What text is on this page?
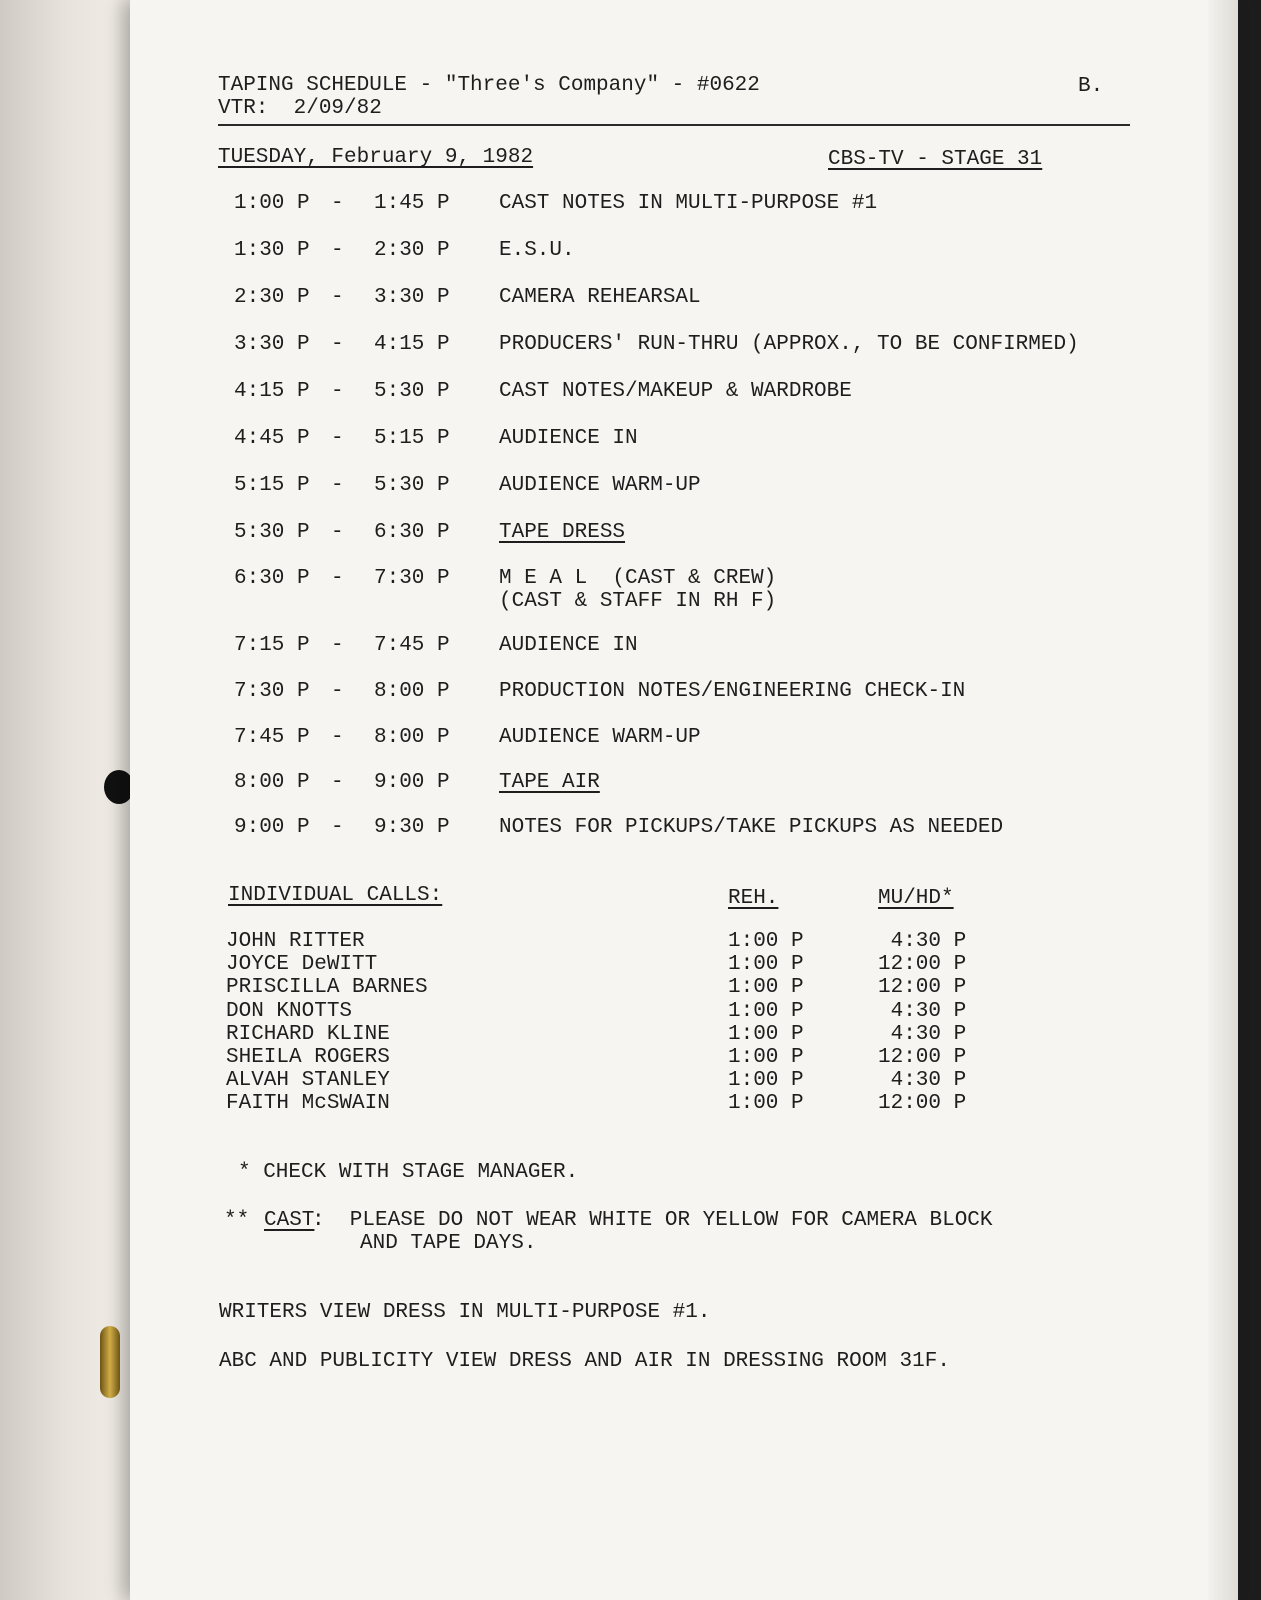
TAPING SCHEDULE - "Three's Company" - #0622
VTR:  2/09/82
B.
TUESDAY, February 9, 1982	CBS-TV - STAGE 31
1:00 P - 1:45 P CAST NOTES IN MULTI-PURPOSE #1
1:30 P - 2:30 P E.S.U.
2:30 P - 3:30 P CAMERA REHEARSAL
3:30 P - 4:15 P PRODUCERS' RUN-THRU (APPROX., TO BE CONFIRMED)
4:15 P - 5:30 P CAST NOTES/MAKEUP & WARDROBE
4:45 P - 5:15 P AUDIENCE IN
5:15 P - 5:30 P AUDIENCE WARM-UP
5:30 P - 6:30 P TAPE DRESS
6:30 P - 7:30 P M E A L  (CAST & CREW)
(CAST & STAFF IN RH F)
7:15 P - 7:45 P AUDIENCE IN
7:30 P - 8:00 P PRODUCTION NOTES/ENGINEERING CHECK-IN
7:45 P - 8:00 P AUDIENCE WARM-UP
8:00 P - 9:00 P TAPE AIR
9:00 P - 9:30 P NOTES FOR PICKUPS/TAKE PICKUPS AS NEEDED
INDIVIDUAL CALLS:	REH.	MU/HD*
JOHN RITTER	1:00 P	4:30 P
JOYCE DeWITT	1:00 P	12:00 P
PRISCILLA BARNES	1:00 P	12:00 P
DON KNOTTS	1:00 P	4:30 P
RICHARD KLINE	1:00 P	4:30 P
SHEILA ROGERS	1:00 P	12:00 P
ALVAH STANLEY	1:00 P	4:30 P
FAITH McSWAIN	1:00 P	12:00 P
* CHECK WITH STAGE MANAGER.
** CAST
:  PLEASE DO NOT WEAR WHITE OR YELLOW FOR CAMERA BLOCK
AND TAPE DAYS.
WRITERS VIEW DRESS IN MULTI-PURPOSE #1.
ABC AND PUBLICITY VIEW DRESS AND AIR IN DRESSING ROOM 31F.
